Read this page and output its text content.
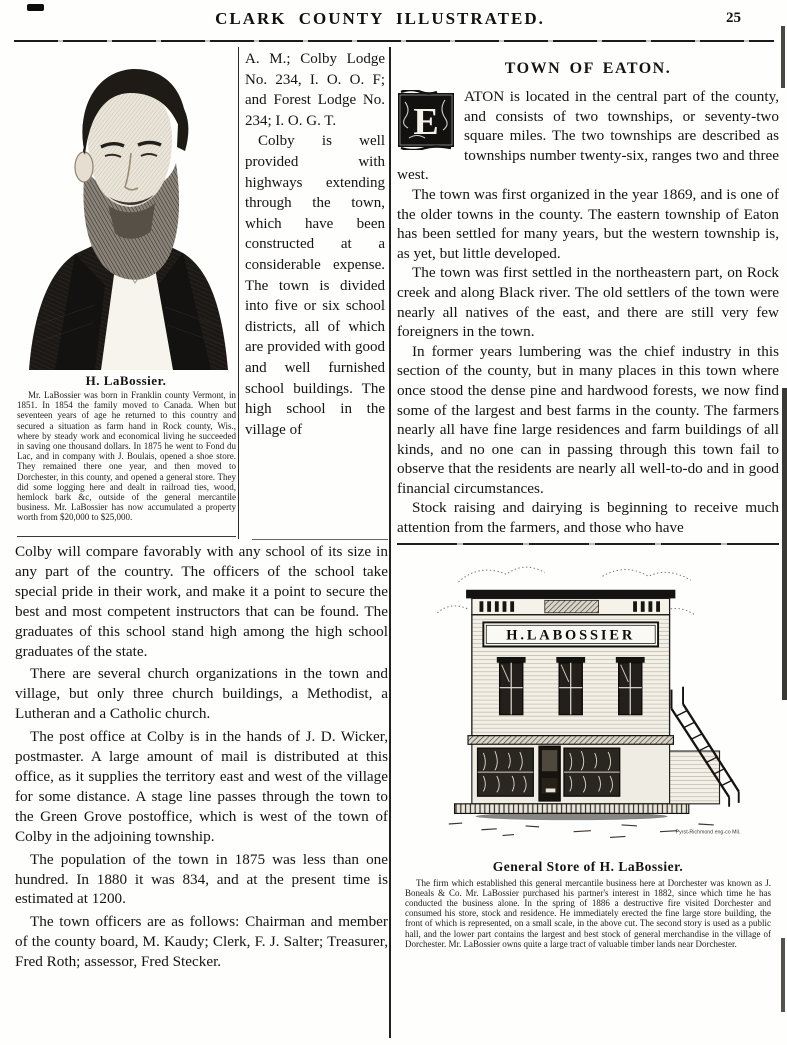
CLARK COUNTY ILLUSTRATED.	25
H. LaBossier.
Mr. LaBossier was born in Franklin county Vermont, in 1851. In 1854 the family moved to Canada. When but seventeen years of age he returned to this country and secured a situation as farm hand in Rock county, Wis., where by steady work and economical living he succeeded in saving one thousand dollars. In 1875 he went to Fond du Lac, and in company with J. Boulais, opened a shoe store. They remained there one year, and then moved to Dorchester, in this county, and opened a general store. They did some logging here and dealt in railroad ties, wood, hemlock bark &c, outside of the general mercantile business. Mr. LaBossier has now accumulated a property worth from $20,000 to $25,000.

A. M.; Colby Lodge No. 234, I. O. O. F; and Forest Lodge No. 234; I. O. G. T.

Colby is well provided with highways extending through the town, which have been constructed at a considerable expense. The town is divided into five or six school districts, all of which are provided with good and well furnished school buildings. The high school in the village of

Colby will compare favorably with any school of its size in any part of the country. The officers of the school take special pride in their work, and make it a point to secure the best and most competent instructors that can be found. The graduates of this school stand high among the high school graduates of the state.

There are several church organizations in the town and village, but only three church buildings, a Methodist, a Lutheran and a Catholic church.

The post office at Colby is in the hands of J. D. Wicker, postmaster. A large amount of mail is distributed at this office, as it supplies the territory east and west of the village for some distance. A stage line passes through the town to the Green Grove postoffice, which is west of the town of Colby in the adjoining township.

The population of the town in 1875 was less than one hundred. In 1880 it was 834, and at the present time is estimated at 1200.

The town officers are as follows: Chairman and member of the county board, M. Kaudy; Clerk, F. J. Salter; Treasurer, Fred Roth; assessor, Fred Stecker.

TOWN OF EATON.

E
ATON is located in the central part of the county, and consists of two townships, or seventy-two square miles. The two townships are described as townships number twenty-six, ranges two and three west.

The town was first organized in the year 1869, and is one of the older towns in the county. The eastern township of Eaton has been settled for many years, but the western township is, as yet, but little developed.

The town was first settled in the northeastern part, on Rock creek and along Black river. The old settlers of the town were nearly all natives of the east, and there are still very few foreigners in the town.

In former years lumbering was the chief industry in this section of the county, but in many places in this town where once stood the dense pine and hardwood forests, we now find some of the largest and best farms in the county. The farmers nearly all have fine large residences and farm buildings of all kinds, and no one can in passing through this town fail to observe that the residents are nearly all well-to-do and in good financial circumstances.

Stock raising and dairying is beginning to receive much attention from the farmers, and those who have

H.LABOSSIER
Pyrst-Richmond eng-co Mil.
General Store of H. LaBossier.
The firm which established this general mercantile business here at Dorchester was known as J. Boneals & Co. Mr. LaBossier purchased his partner's interest in 1882, since which time he has conducted the business alone. In the spring of 1886 a destructive fire visited Dorchester and consumed his store, stock and residence. He immediately erected the fine large store building, the front of which is represented, on a small scale, in the above cut. The second story is used as a public hall, and the lower part contains the largest and best stock of general merchandise in the village of Dorchester. Mr. LaBossier owns quite a large tract of valuable timber lands near Dorchester.
